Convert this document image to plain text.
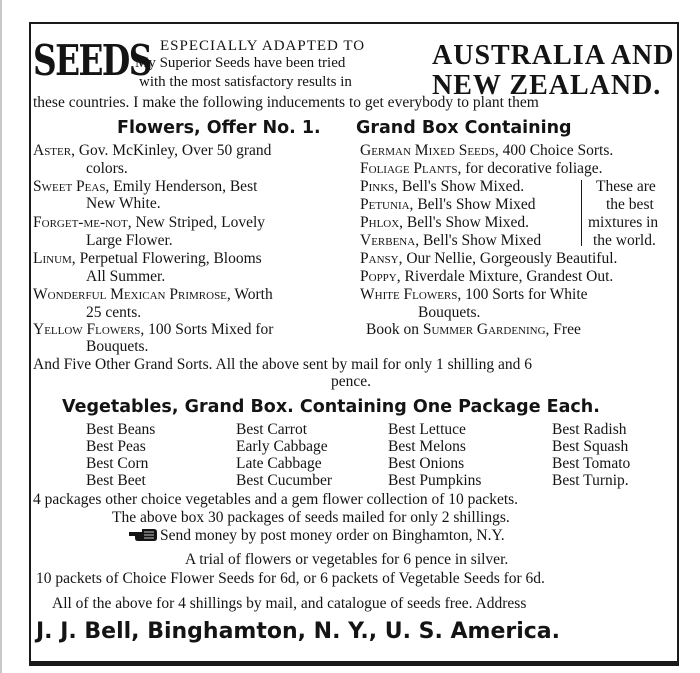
SEEDS ESPECIALLY ADAPTED TO
My Superior Seeds have been tried
with the most satisfactory results in
AUSTRALIA AND
NEW ZEALAND.
these countries. I make the following inducements to get everybody to plant them
Flowers, Offer No. 1. Grand Box Containing
Aster, Gov. McKinley, Over 50 grand
colors.
Sweet Peas, Emily Henderson, Best
New White.
Forget-me-not, New Striped, Lovely
Large Flower.
Linum, Perpetual Flowering, Blooms
All Summer.
Wonderful Mexican Primrose, Worth
25 cents.
Yellow Flowers, 100 Sorts Mixed for
Bouquets.
German Mixed Seeds, 400 Choice Sorts.
Foliage Plants, for decorative foliage.
Pinks, Bell's Show Mixed.
Petunia, Bell's Show Mixed
Phlox, Bell's Show Mixed.
Verbena, Bell's Show Mixed
Pansy, Our Nellie, Gorgeously Beautiful.
Poppy, Riverdale Mixture, Grandest Out.
White Flowers, 100 Sorts for White
Bouquets.
Book on Summer Gardening, Free
These are
the best
mixtures in
the world.
And Five Other Grand Sorts. All the above sent by mail for only 1 shilling and 6
pence.
Vegetables, Grand Box. Containing One Package Each.
Best Beans
Best Peas
Best Corn
Best Beet
Best Carrot
Early Cabbage
Late Cabbage
Best Cucumber
Best Lettuce
Best Melons
Best Onions
Best Pumpkins
Best Radish
Best Squash
Best Tomato
Best Turnip.
4 packages other choice vegetables and a gem flower collection of 10 packets.
The above box 30 packages of seeds mailed for only 2 shillings.
Send money by post money order on Binghamton, N.Y.
A trial of flowers or vegetables for 6 pence in silver.
10 packets of Choice Flower Seeds for 6d, or 6 packets of Vegetable Seeds for 6d.
All of the above for 4 shillings by mail, and catalogue of seeds free. Address
J. J. Bell, Binghamton, N. Y., U. S. America.
